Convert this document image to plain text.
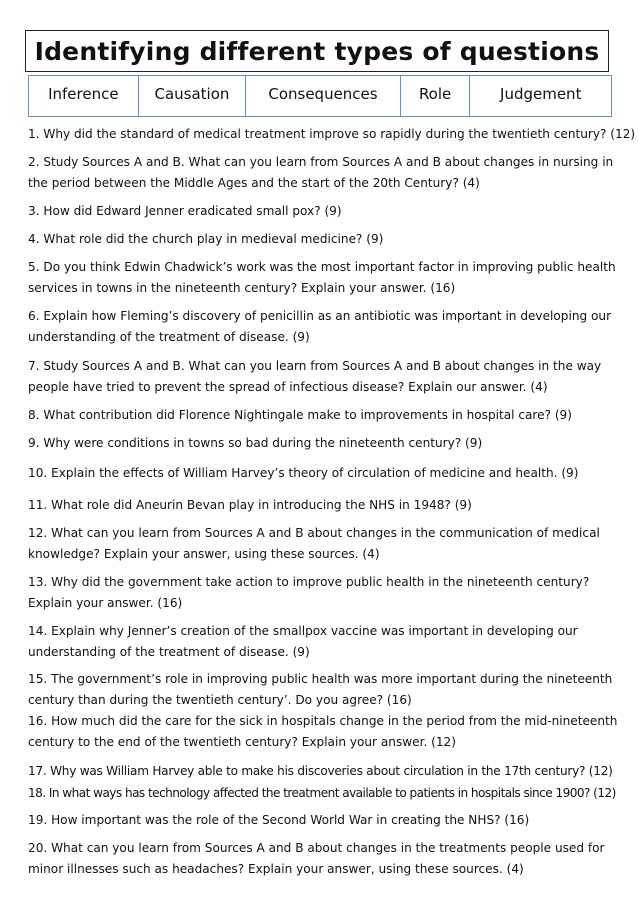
Identifying different types of questions
Inference	Causation	Consequences	Role	Judgement
1. Why did the standard of medical treatment improve so rapidly during the twentieth century? (12)
2. Study Sources A and B. What can you learn from Sources A and B about changes in nursing in
the period between the Middle Ages and the start of the 20th Century? (4)
3. How did Edward Jenner eradicated small pox? (9)
4. What role did the church play in medieval medicine? (9)
5. Do you think Edwin Chadwick’s work was the most important factor in improving public health
services in towns in the nineteenth century? Explain your answer. (16)
6. Explain how Fleming’s discovery of penicillin as an antibiotic was important in developing our
understanding of the treatment of disease. (9)
7. Study Sources A and B. What can you learn from Sources A and B about changes in the way
people have tried to prevent the spread of infectious disease? Explain our answer. (4)
8. What contribution did Florence Nightingale make to improvements in hospital care? (9)
9. Why were conditions in towns so bad during the nineteenth century? (9)
10. Explain the effects of William Harvey’s theory of circulation of medicine and health. (9)
11. What role did Aneurin Bevan play in introducing the NHS in 1948? (9)
12. What can you learn from Sources A and B about changes in the communication of medical
knowledge? Explain your answer, using these sources. (4)
13. Why did the government take action to improve public health in the nineteenth century?
Explain your answer. (16)
14. Explain why Jenner’s creation of the smallpox vaccine was important in developing our
understanding of the treatment of disease. (9)
15. The government’s role in improving public health was more important during the nineteenth
century than during the twentieth century’. Do you agree? (16)
16. How much did the care for the sick in hospitals change in the period from the mid-nineteenth
century to the end of the twentieth century? Explain your answer. (12)
17. Why was William Harvey able to make his discoveries about circulation in the 17th century? (12)
18. In what ways has technology affected the treatment available to patients in hospitals since 1900? (12)
19. How important was the role of the Second World War in creating the NHS? (16)
20. What can you learn from Sources A and B about changes in the treatments people used for
minor illnesses such as headaches? Explain your answer, using these sources. (4)
